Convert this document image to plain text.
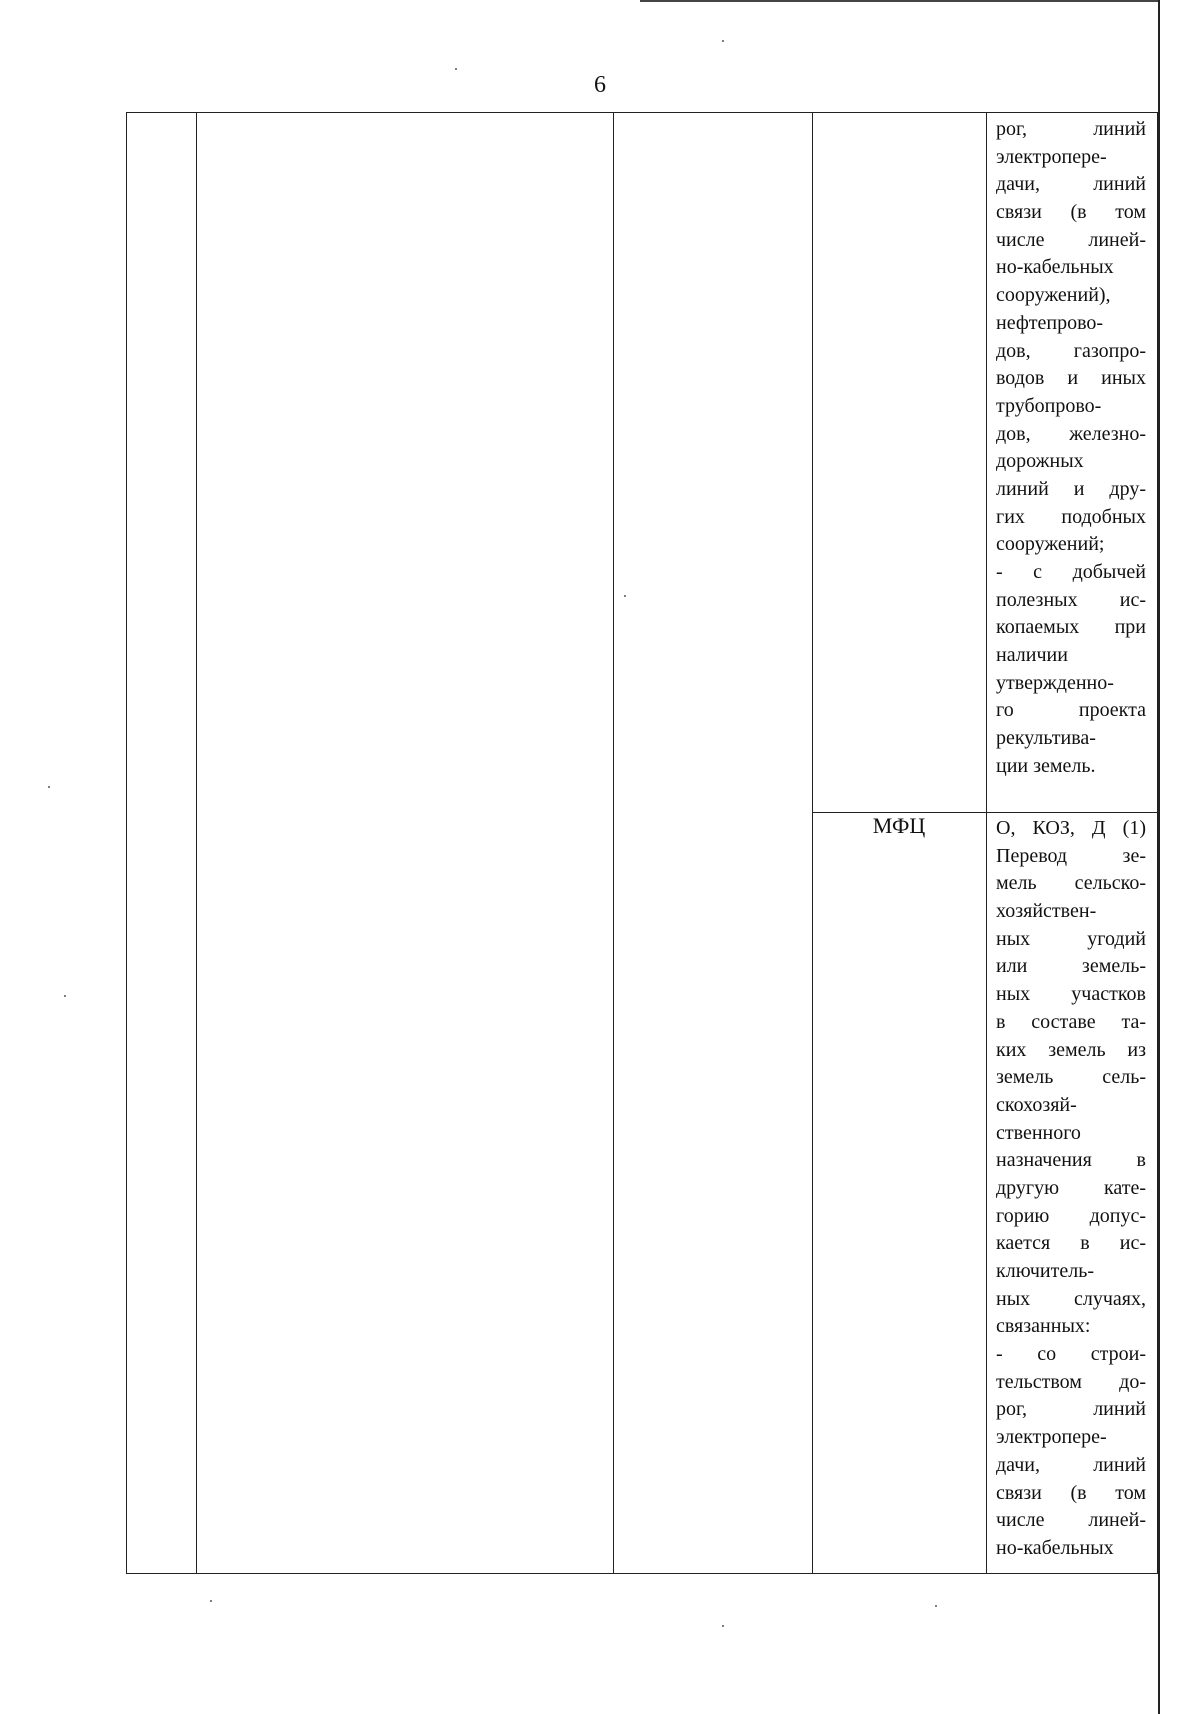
6
рог, линий
электропере-
дачи, линий
связи (в том
числе линей-
но-кабельных
сооружений),
нефтепрово-
дов, газопро-
водов и иных
трубопрово-
дов, железно-
дорожных
линий и дру-
гих подобных
сооружений;
- с добычей
полезных ис-
копаемых при
наличии
утвержденно-
го проекта
рекультива-
ции земель.
МФЦ	О, КОЗ, Д (1)
Перевод зе-
мель сельско-
хозяйствен-
ных угодий
или земель-
ных участков
в составе та-
ких земель из
земель сель-
скохозяй-
ственного
назначения в
другую кате-
горию допус-
кается в ис-
ключитель-
ных случаях,
связанных:
- со строи-
тельством до-
рог, линий
электропере-
дачи, линий
связи (в том
числе линей-
но-кабельных
